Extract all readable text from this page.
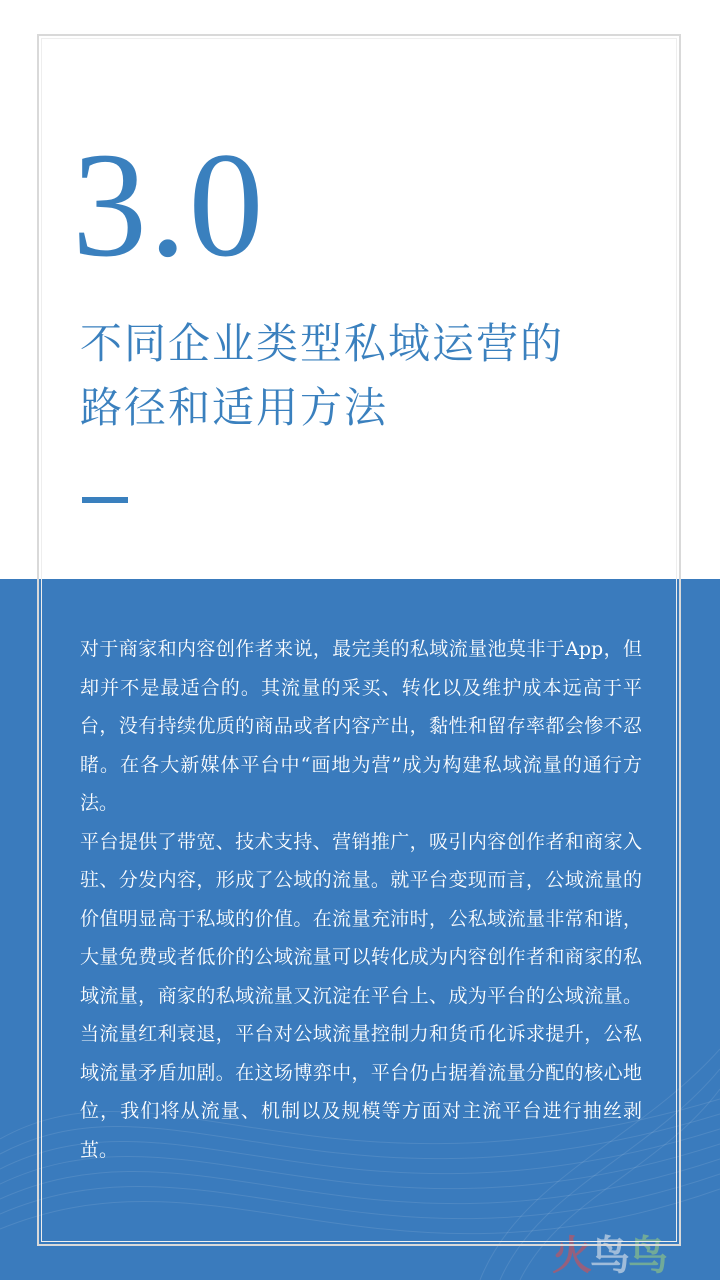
3.0
不同企业类型私域运营的
路径和适用方法
火鸟鸟

对于商家和内容创作者来说，最完美的私域流量池莫非于App，但却并不是最适合的。其流量的采买、转化以及维护成本远高于平台，没有持续优质的商品或者内容产出，黏性和留存率都会惨不忍睹。在各大新媒体平台中“画地为营”成为构建私域流量的通行方法。

平台提供了带宽、技术支持、营销推广，吸引内容创作者和商家入驻、分发内容，形成了公域的流量。就平台变现而言，公域流量的价值明显高于私域的价值。在流量充沛时，公私域流量非常和谐，大量免费或者低价的公域流量可以转化成为内容创作者和商家的私域流量，商家的私域流量又沉淀在平台上、成为平台的公域流量。当流量红利衰退，平台对公域流量控制力和货币化诉求提升，公私域流量矛盾加剧。在这场博弈中，平台仍占据着流量分配的核心地位，我们将从流量、机制以及规模等方面对主流平台进行抽丝剥茧。
